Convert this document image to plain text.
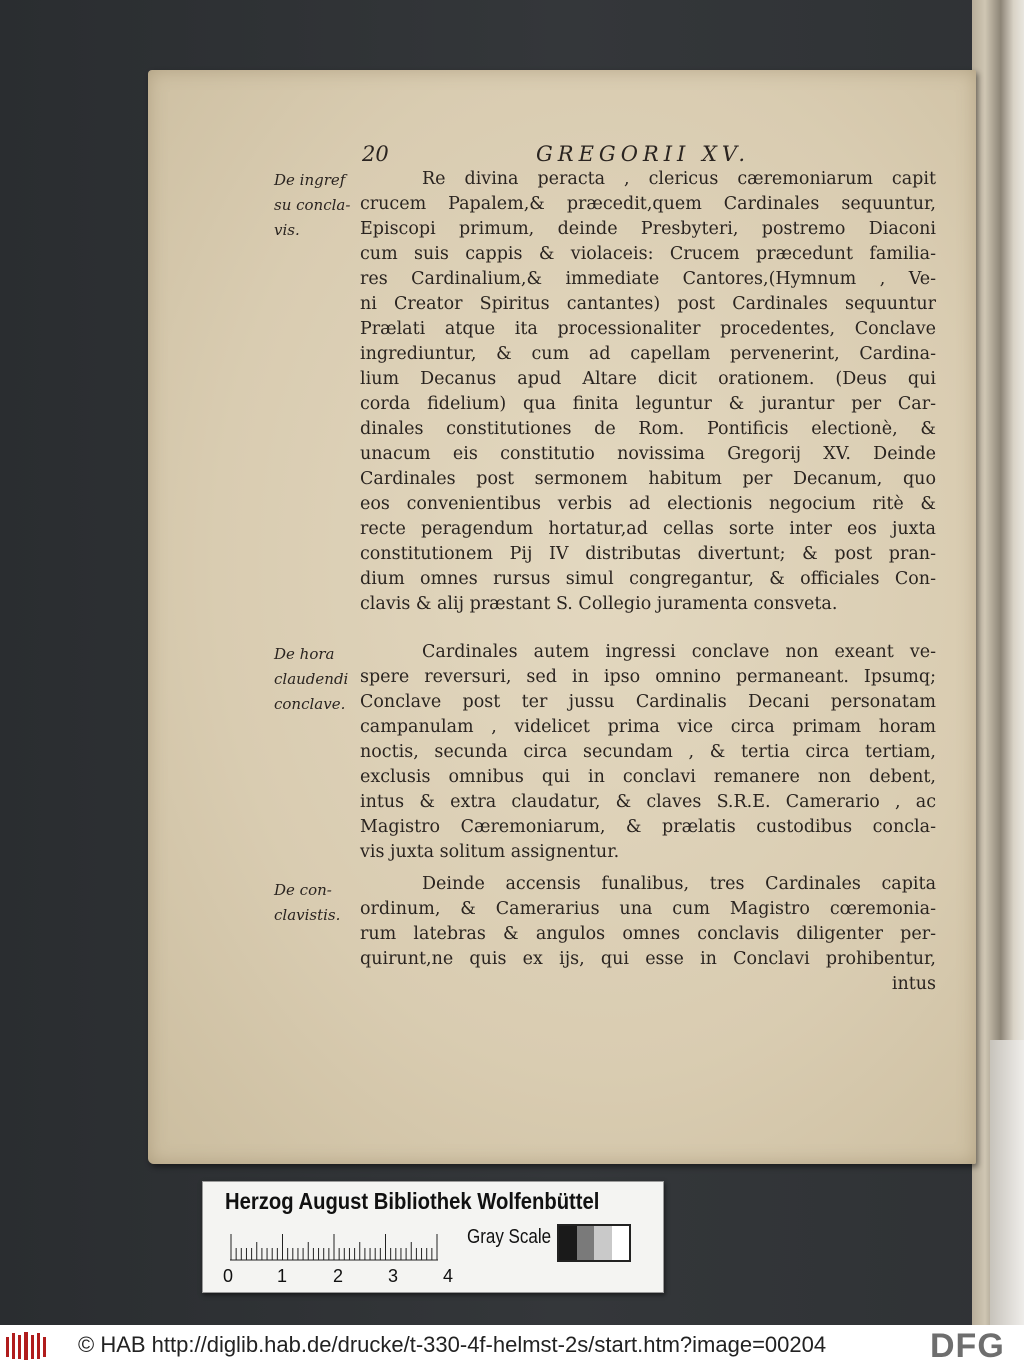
20	GREGORII XV.
De ingref
su concla-
vis.
De hora
claudendi
conclave.
De con-
clavistis.
Re divina peracta , clericus cæremoniarum capit
crucem Papalem,& præcedit,quem Cardinales sequuntur,
Episcopi primum, deinde Presbyteri, postremo Diaconi
cum suis cappis & violaceis: Crucem præcedunt familia-
res Cardinalium,& immediate Cantores,(Hymnum , Ve-
ni Creator Spiritus cantantes) post Cardinales sequuntur
Prælati atque ita processionaliter procedentes, Conclave
ingrediuntur, & cum ad capellam pervenerint, Cardina-
lium Decanus apud Altare dicit orationem. (Deus qui
corda fidelium) qua finita leguntur & jurantur per Car-
dinales constitutiones de Rom. Pontificis electionè, &
unacum eis constitutio novissima Gregorij XV. Deinde
Cardinales post sermonem habitum per Decanum, quo
eos convenientibus verbis ad electionis negocium ritè &
recte peragendum hortatur,ad cellas sorte inter eos juxta
constitutionem Pij IV distributas divertunt; & post pran-
dium omnes rursus simul congregantur, & officiales Con-
clavis & alij præstant S. Collegio juramenta consveta.
Cardinales autem ingressi conclave non exeant ve-
spere reversuri, sed in ipso omnino permaneant. Ipsumq;
Conclave post ter jussu Cardinalis Decani personatam
campanulam , videlicet prima vice circa primam horam
noctis, secunda circa secundam , & tertia circa tertiam,
exclusis omnibus qui in conclavi remanere non debent,
intus & extra claudatur, & claves S.R.E. Camerario , ac
Magistro Cæremoniarum, & prælatis custodibus concla-
vis juxta solitum assignentur.
Deinde accensis funalibus, tres Cardinales capita
ordinum, & Camerarius una cum Magistro cœremonia-
rum latebras & angulos omnes conclavis diligenter per-
quirunt,ne quis ex ijs, qui esse in Conclavi prohibentur,
intus
Herzog August Bibliothek Wolfenbüttel
0 1	2 3 4
Gray Scale
© HAB http://diglib.hab.de/drucke/t-330-4f-helmst-2s/start.htm?image=00204	DFG
